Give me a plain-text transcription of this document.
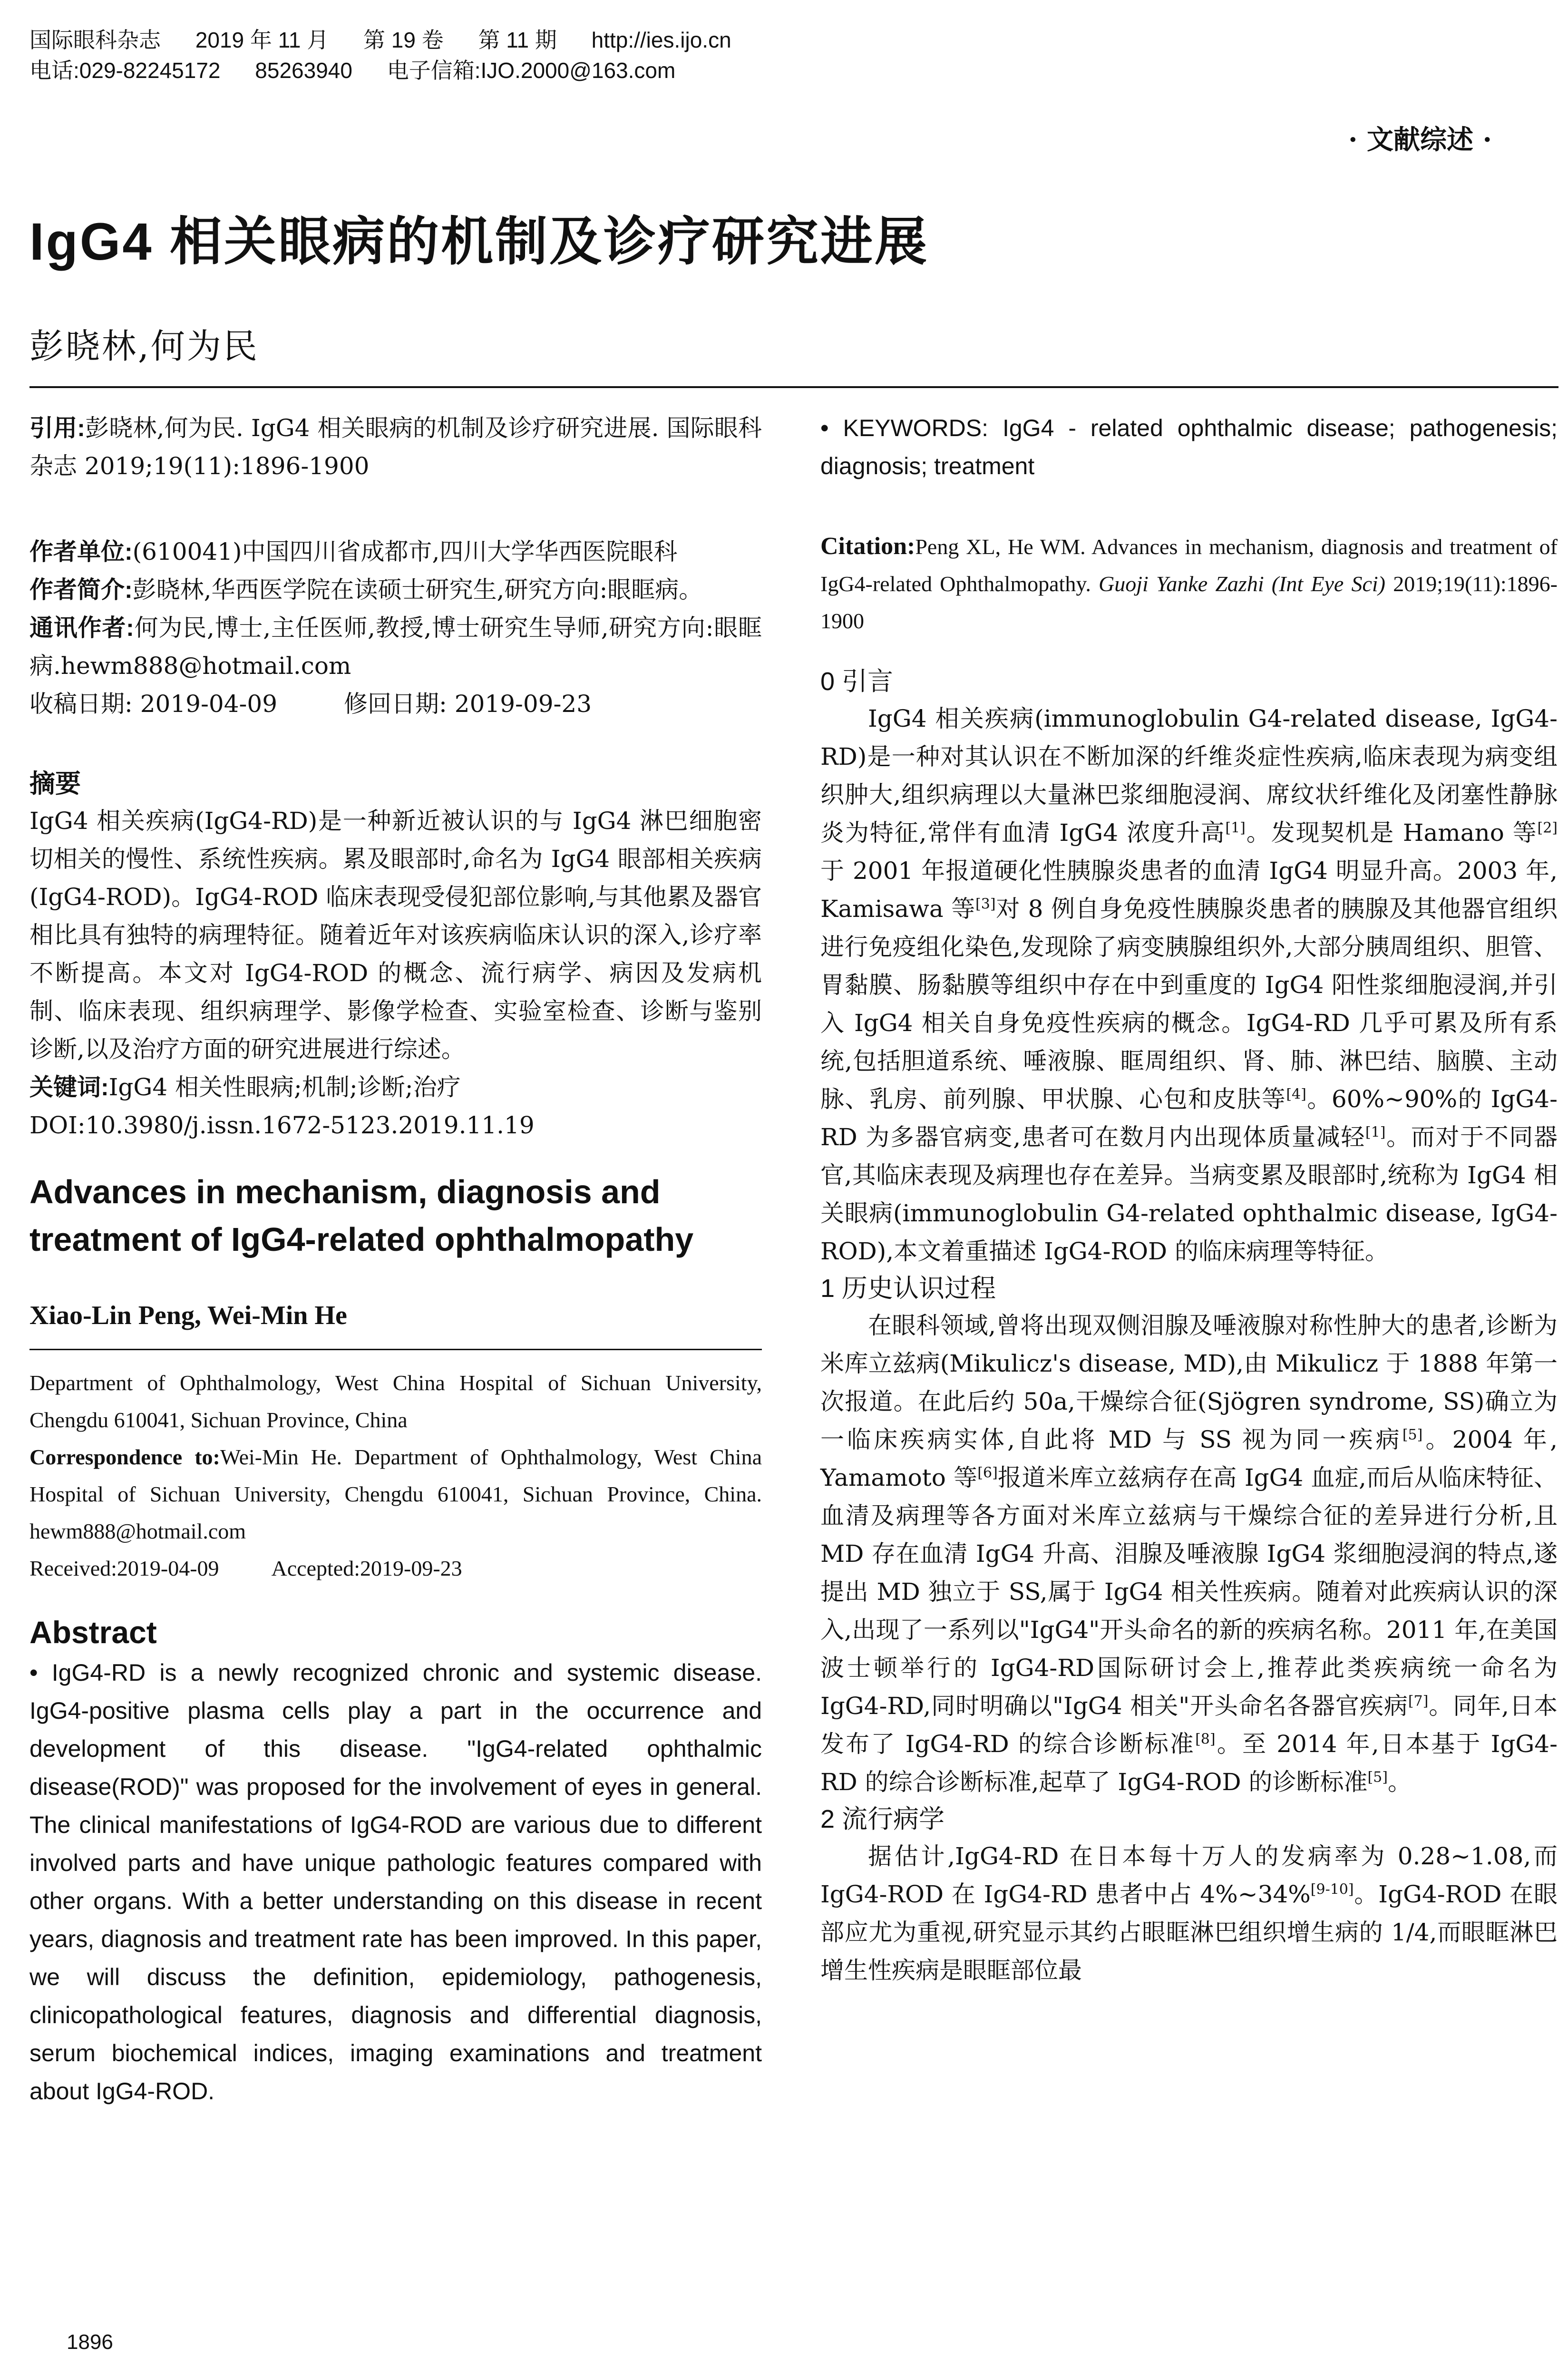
国际眼科杂志 2019 年 11 月 第 19 卷 第 11 期 http://ies.ijo.cn
电话:029-82245172 85263940 电子信箱:IJO.2000@163.com
· 文献综述 ·
IgG4 相关眼病的机制及诊疗研究进展
彭晓林,何为民

引用:彭晓林,何为民. IgG4 相关眼病的机制及诊疗研究进展. 国际眼科杂志 2019;19(11):1896-1900

作者单位:(610041)中国四川省成都市,四川大学华西医院眼科

作者简介:彭晓林,华西医学院在读硕士研究生,研究方向:眼眶病。

通讯作者:何为民,博士,主任医师,教授,博士研究生导师,研究方向:眼眶病.hewm888@hotmail.com

收稿日期: 2019-04-09	修回日期: 2019-09-23

摘要

IgG4 相关疾病(IgG4-RD)是一种新近被认识的与 IgG4 淋巴细胞密切相关的慢性、系统性疾病。累及眼部时,命名为 IgG4 眼部相关疾病(IgG4-ROD)。IgG4-ROD 临床表现受侵犯部位影响,与其他累及器官相比具有独特的病理特征。随着近年对该疾病临床认识的深入,诊疗率不断提高。本文对 IgG4-ROD 的概念、流行病学、病因及发病机制、临床表现、组织病理学、影像学检查、实验室检查、诊断与鉴别诊断,以及治疗方面的研究进展进行综述。

关键词:IgG4 相关性眼病;机制;诊断;治疗

DOI:10.3980/j.issn.1672-5123.2019.11.19

Advances in mechanism, diagnosis and treatment of IgG4-related ophthalmopathy

Xiao-Lin Peng, Wei-Min He

Department of Ophthalmology, West China Hospital of Sichuan University, Chengdu 610041, Sichuan Province, China

Correspondence to:Wei-Min He. Department of Ophthalmology, West China Hospital of Sichuan University, Chengdu 610041, Sichuan Province, China. hewm888@hotmail.com

Received:2019-04-09 Accepted:2019-09-23

Abstract

• IgG4-RD is a newly recognized chronic and systemic disease. IgG4-positive plasma cells play a part in the occurrence and development of this disease. "IgG4-related ophthalmic disease(ROD)" was proposed for the involvement of eyes in general. The clinical manifestations of IgG4-ROD are various due to different involved parts and have unique pathologic features compared with other organs. With a better understanding on this disease in recent years, diagnosis and treatment rate has been improved. In this paper, we will discuss the definition, epidemiology, pathogenesis, clinicopathological features, diagnosis and differential diagnosis, serum biochemical indices, imaging examinations and treatment about IgG4-ROD.

• KEYWORDS: IgG4 - related ophthalmic disease; pathogenesis; diagnosis; treatment

Citation:Peng XL, He WM. Advances in mechanism, diagnosis and treatment of IgG4-related Ophthalmopathy. Guoji Yanke Zazhi (Int Eye Sci) 2019;19(11):1896-1900

0 引言

IgG4 相关疾病(immunoglobulin G4-related disease, IgG4-RD)是一种对其认识在不断加深的纤维炎症性疾病,临床表现为病变组织肿大,组织病理以大量淋巴浆细胞浸润、席纹状纤维化及闭塞性静脉炎为特征,常伴有血清 IgG4 浓度升高[1]。发现契机是 Hamano 等[2]于 2001 年报道硬化性胰腺炎患者的血清 IgG4 明显升高。2003 年, Kamisawa 等[3]对 8 例自身免疫性胰腺炎患者的胰腺及其他器官组织进行免疫组化染色,发现除了病变胰腺组织外,大部分胰周组织、胆管、胃黏膜、肠黏膜等组织中存在中到重度的 IgG4 阳性浆细胞浸润,并引入 IgG4 相关自身免疫性疾病的概念。IgG4-RD 几乎可累及所有系统,包括胆道系统、唾液腺、眶周组织、肾、肺、淋巴结、脑膜、主动脉、乳房、前列腺、甲状腺、心包和皮肤等[4]。60%~90%的 IgG4-RD 为多器官病变,患者可在数月内出现体质量减轻[1]。而对于不同器官,其临床表现及病理也存在差异。当病变累及眼部时,统称为 IgG4 相关眼病(immunoglobulin G4-related ophthalmic disease, IgG4-ROD),本文着重描述 IgG4-ROD 的临床病理等特征。

1 历史认识过程

在眼科领域,曾将出现双侧泪腺及唾液腺对称性肿大的患者,诊断为米库立兹病(Mikulicz's disease, MD),由 Mikulicz 于 1888 年第一次报道。在此后约 50a,干燥综合征(Sjögren syndrome, SS)确立为一临床疾病实体,自此将 MD 与 SS 视为同一疾病[5]。2004 年, Yamamoto 等[6]报道米库立兹病存在高 IgG4 血症,而后从临床特征、血清及病理等各方面对米库立兹病与干燥综合征的差异进行分析,且 MD 存在血清 IgG4 升高、泪腺及唾液腺 IgG4 浆细胞浸润的特点,遂提出 MD 独立于 SS,属于 IgG4 相关性疾病。随着对此疾病认识的深入,出现了一系列以"IgG4"开头命名的新的疾病名称。2011 年,在美国波士顿举行的 IgG4-RD国际研讨会上,推荐此类疾病统一命名为 IgG4-RD,同时明确以"IgG4 相关"开头命名各器官疾病[7]。同年,日本发布了 IgG4-RD 的综合诊断标准[8]。至 2014 年,日本基于 IgG4-RD 的综合诊断标准,起草了 IgG4-ROD 的诊断标准[5]。

2 流行病学

据估计,IgG4-RD 在日本每十万人的发病率为 0.28~1.08,而 IgG4-ROD 在 IgG4-RD 患者中占 4%~34%[9-10]。IgG4-ROD 在眼部应尤为重视,研究显示其约占眼眶淋巴组织增生病的 1/4,而眼眶淋巴增生性疾病是眼眶部位最

1896
